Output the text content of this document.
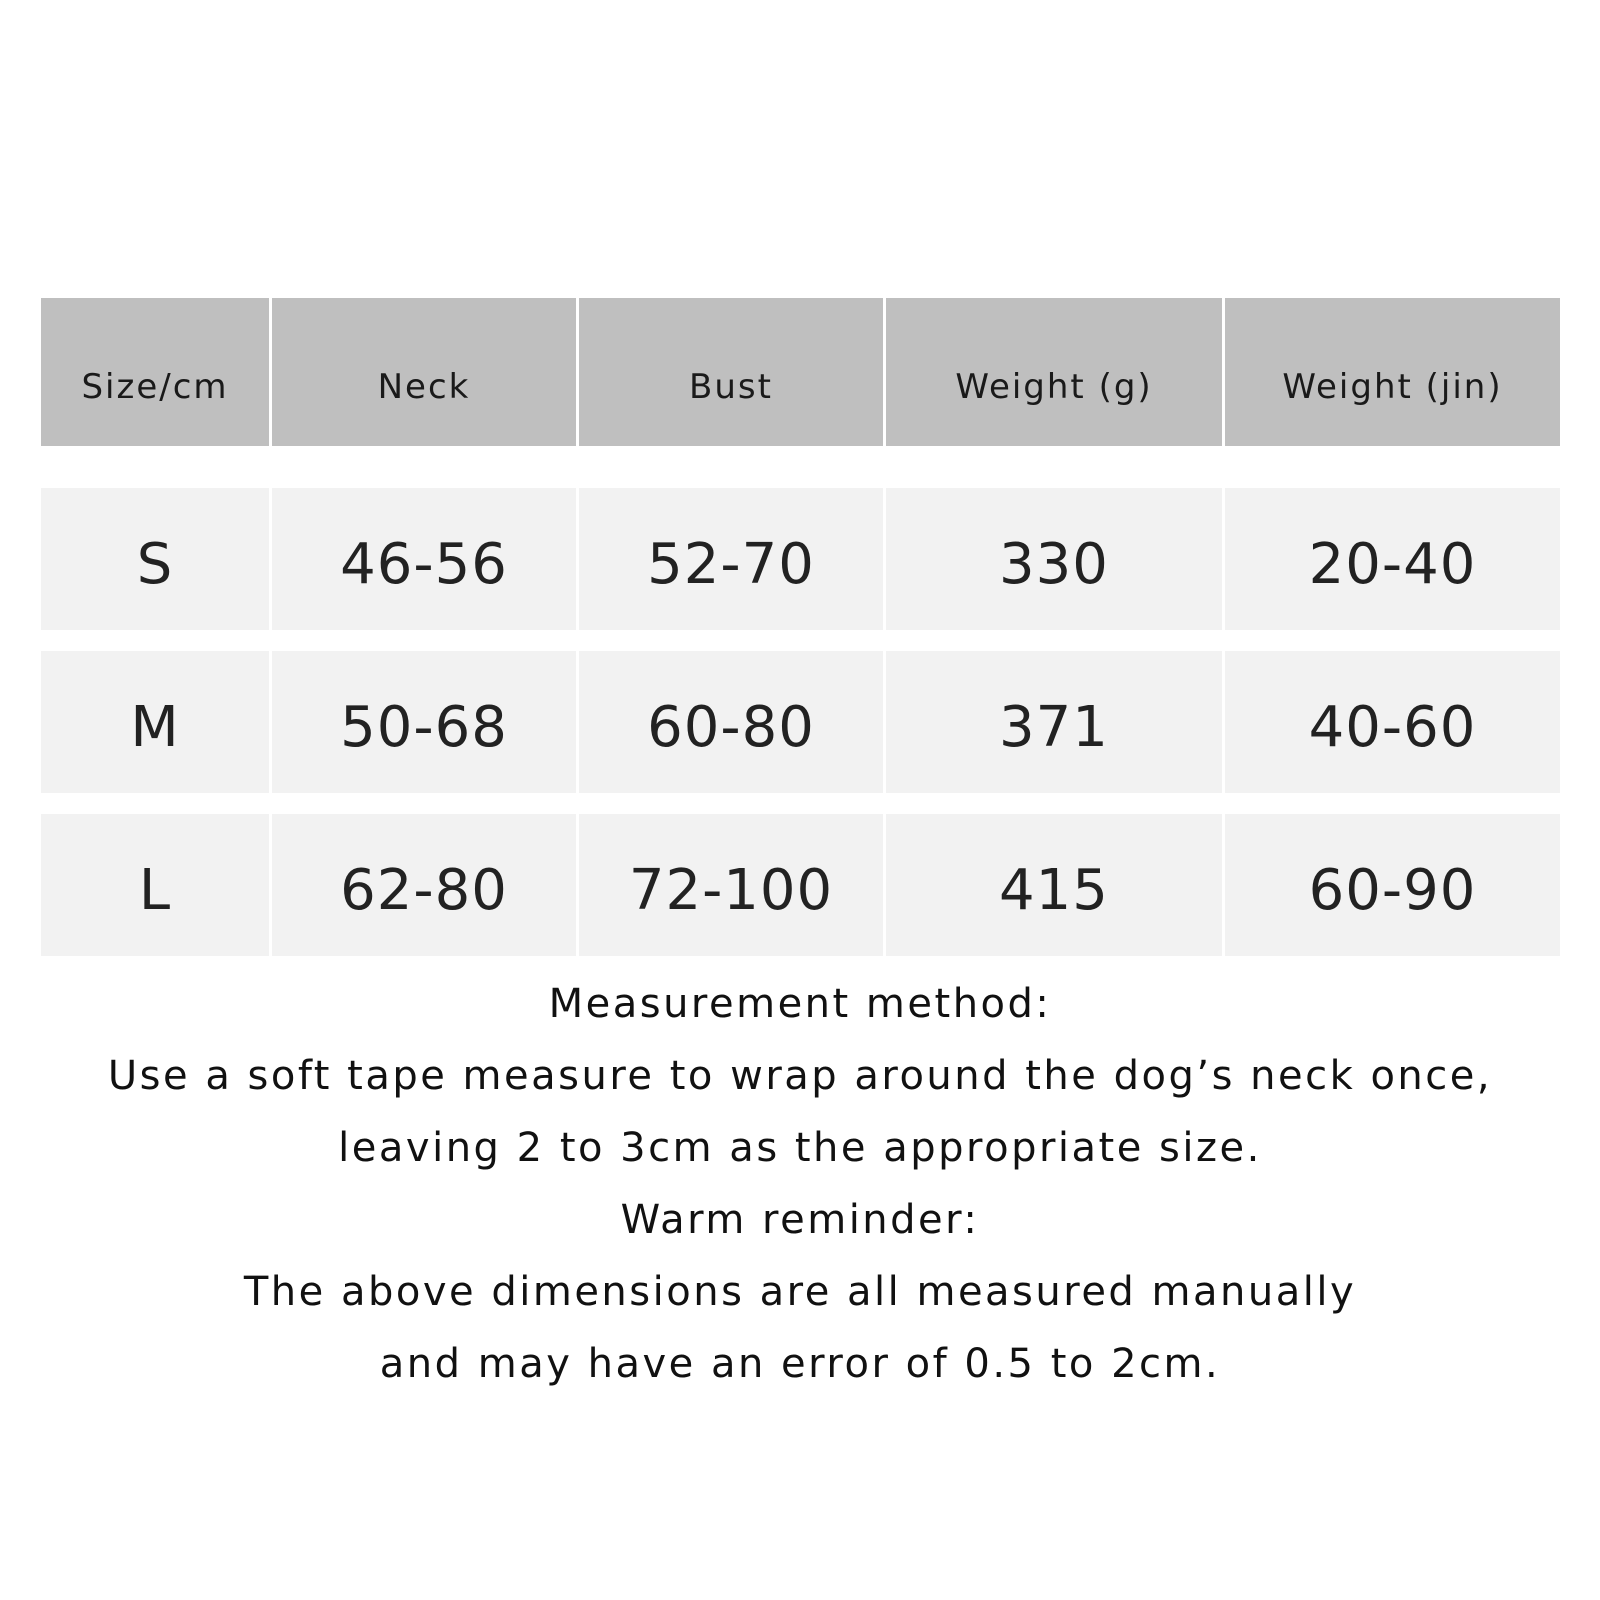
Size/cm	Neck	Bust	Weight (g)	Weight (jin)
S	46-56	52-70	330	20-40
M	50-68	60-80	371	40-60
L	62-80	72-100	415	60-90

Measurement method:

Use a soft tape measure to wrap around the dog’s neck once,

leaving 2 to 3cm as the appropriate size.

Warm reminder:

The above dimensions are all measured manually

and may have an error of 0.5 to 2cm.
